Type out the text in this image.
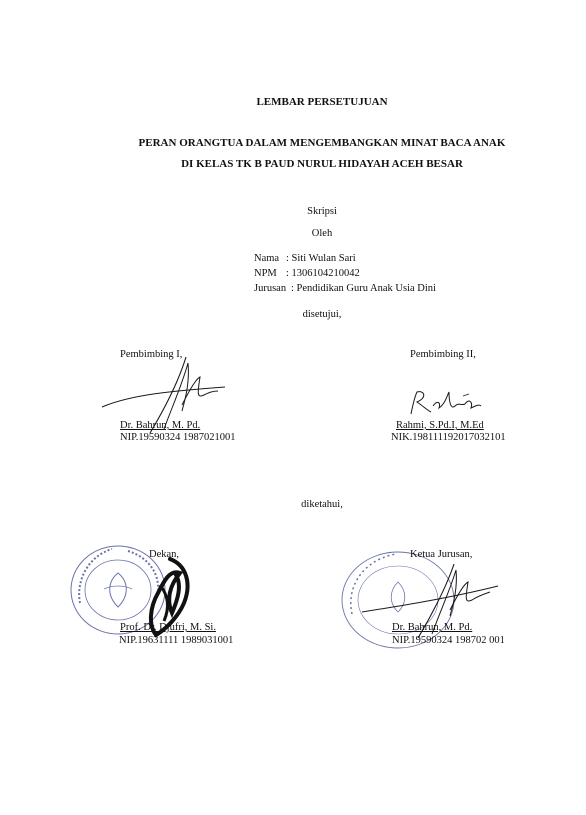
LEMBAR PERSETUJUAN
PERAN ORANGTUA DALAM MENGEMBANGKAN MINAT BACA ANAK
DI KELAS TK B PAUD NURUL HIDAYAH ACEH BESAR
Skripsi
Oleh
Nama : Siti Wulan Sari
NPM : 1306104210042
Jurusan : Pendidikan Guru Anak Usia Dini
disetujui,
Pembimbing I,
Dr. Bahrun, M. Pd.
NIP.19590324 1987021001
Pembimbing II,
Rahmi, S.Pd.I, M.Ed
NIK.198111192017032101
diketahui,
Dekan,
Prof. Dr. Djufri, M. Si.
NIP.19631111 1989031001
Ketua Jurusan,
Dr. Bahrun, M. Pd.
NIP.19590324 198702 001
